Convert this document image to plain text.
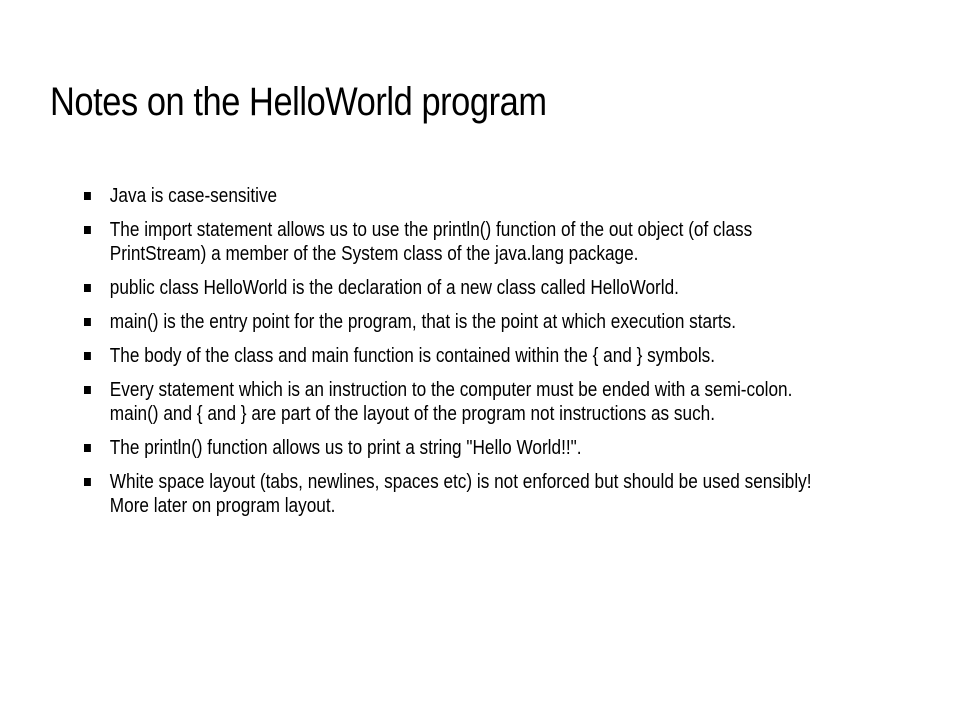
Notes on the HelloWorld program
Java is case-sensitive
The import statement allows us to use the println() function of the out object (of class PrintStream) a member of the System class of the java.lang package.
public class HelloWorld is the declaration of a new class called HelloWorld.
main() is the entry point for the program, that is the point at which execution starts.
The body of the class and main function is contained within the { and } symbols.
Every statement which is an instruction to the computer must be ended with a semi-colon. main() and { and } are part of the layout of the program not instructions as such.
The println() function allows us to print a string "Hello World!!".
White space layout (tabs, newlines, spaces etc) is not enforced but should be used sensibly! More later on program layout.
